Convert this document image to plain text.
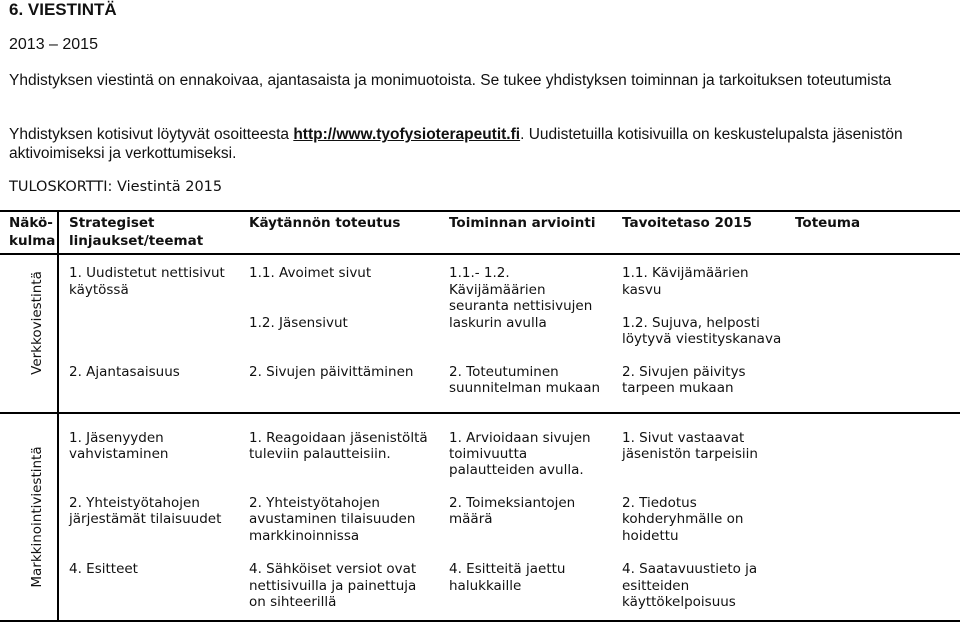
6. VIESTINTÄ
2013 – 2015
Yhdistyksen viestintä on ennakoivaa, ajantasaista ja monimuotoista. Se tukee yhdistyksen toiminnan ja tarkoituksen toteutumista
Yhdistyksen kotisivut löytyvät osoitteesta http://www.tyofysioterapeutit.fi. Uudistetuilla kotisivuilla on keskustelupalsta jäsenistön aktivoimiseksi ja verkottumiseksi.
TULOSKORTTI: Viestintä 2015
Näkö-
kulma
Strategiset
linjaukset/teemat
Käytännön toteutus	Toiminnan arviointi Tavoitetaso 2015	Toteuma
Verkkoviestintä 1. Uudistetut nettisivut
käytössä
2. Ajantasaisuus
1.1. Avoimet sivut
1.2. Jäsensivut
2. Sivujen päivittäminen
1.1.- 1.2.
Kävijämäärien
seuranta nettisivujen
laskurin avulla
2. Toteutuminen
suunnitelman mukaan
1.1. Kävijämäärien
kasvu
1.2. Sujuva, helposti
löytyvä viestityskanava
2. Sivujen päivitys
tarpeen mukaan
Markkinointiviestintä
1. Jäsenyyden
vahvistaminen
2. Yhteistyötahojen
järjestämät tilaisuudet
4. Esitteet
1. Reagoidaan jäsenistöltä
tuleviin palautteisiin.
2. Yhteistyötahojen
avustaminen tilaisuuden
markkinoinnissa
4. Sähköiset versiot ovat
nettisivuilla ja painettuja
on sihteerillä
1. Arvioidaan sivujen
toimivuutta
palautteiden avulla.
2. Toimeksiantojen
määrä
4. Esitteitä jaettu
halukkaille
1. Sivut vastaavat
jäsenistön tarpeisiin
2. Tiedotus
kohderyhmälle on
hoidettu
4. Saatavuustieto ja
esitteiden
käyttökelpoisuus
